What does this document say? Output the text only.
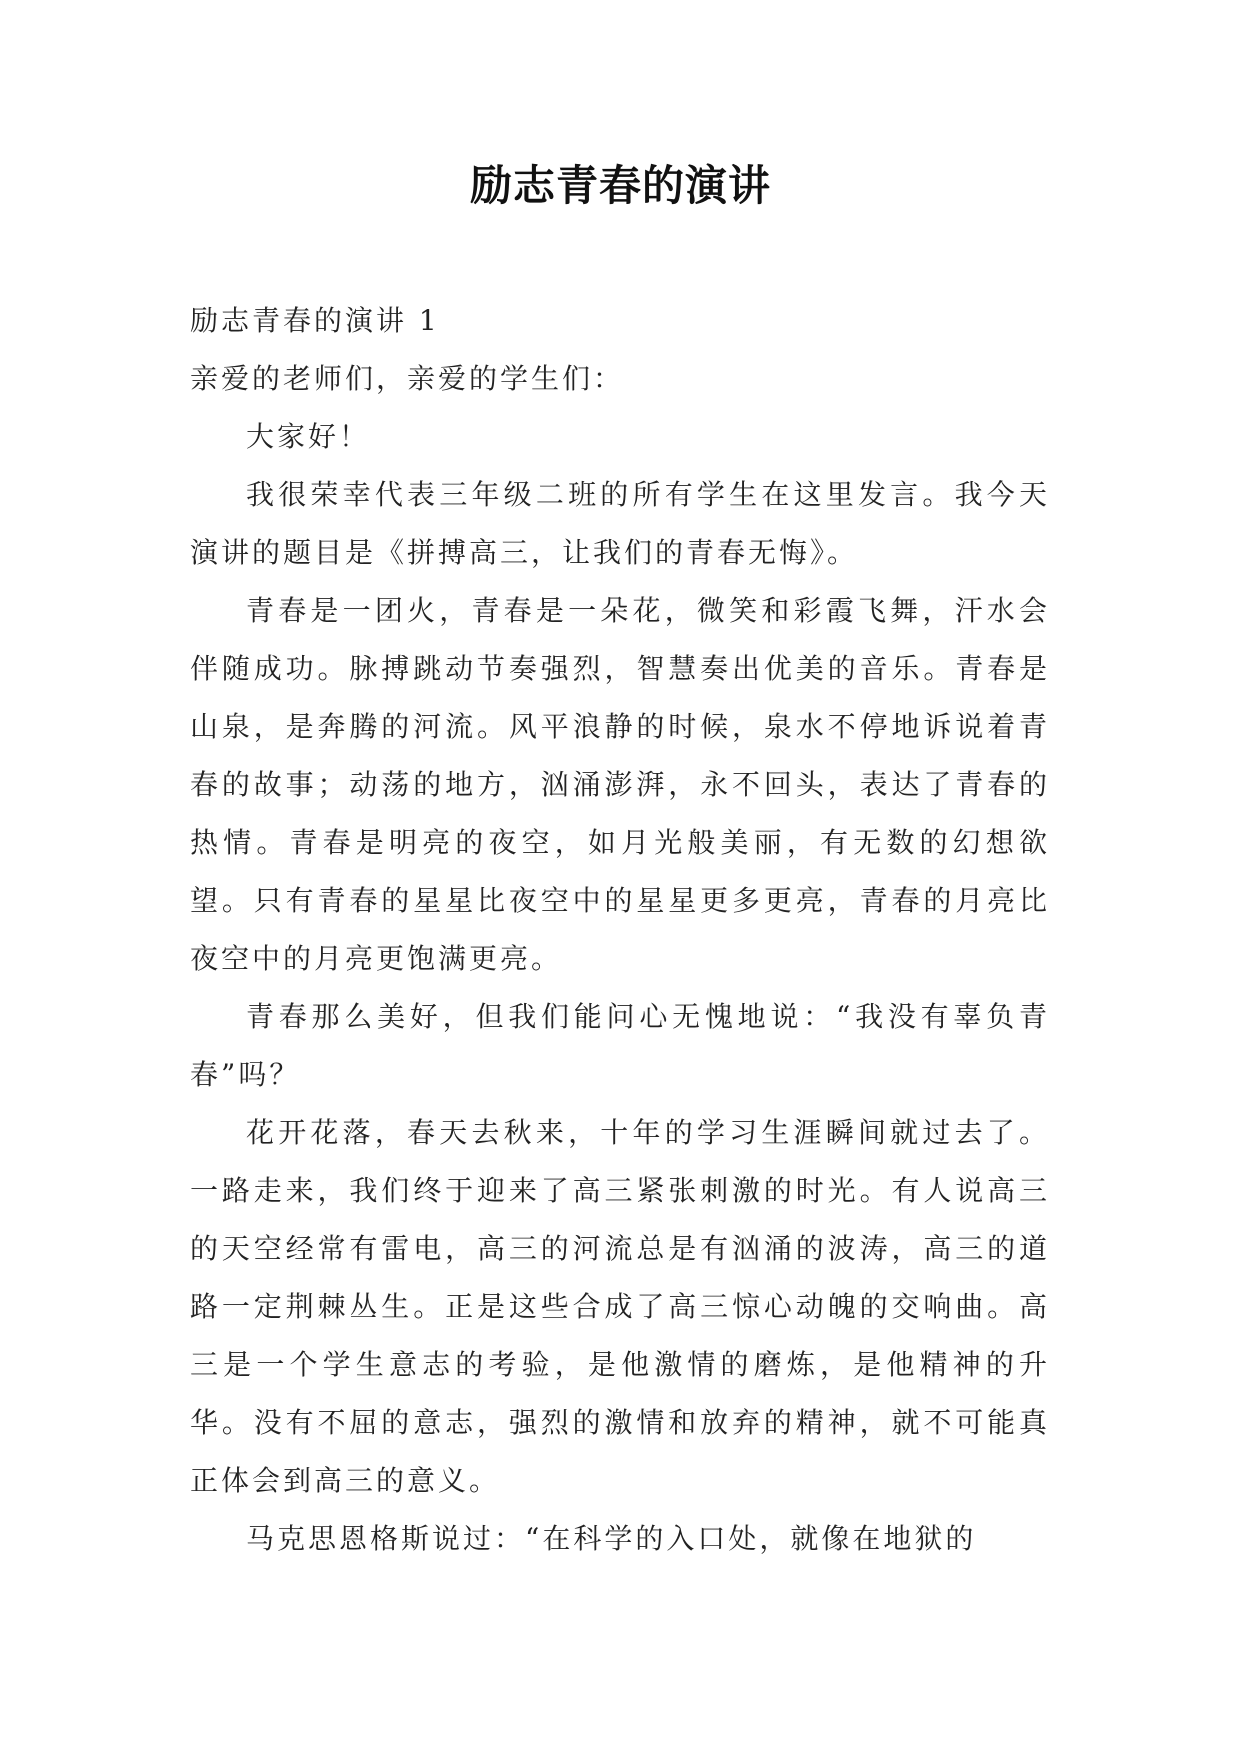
励志青春的演讲

励志青春的演讲 1

亲爱的老师们，亲爱的学生们：

大家好！

我很荣幸代表三年级二班的所有学生在这里发言。我今天演讲的题目是《拼搏高三，让我们的青春无悔》。

青春是一团火，青春是一朵花，微笑和彩霞飞舞，汗水会伴随成功。脉搏跳动节奏强烈，智慧奏出优美的音乐。青春是山泉，是奔腾的河流。风平浪静的时候，泉水不停地诉说着青春的故事；动荡的地方，汹涌澎湃，永不回头，表达了青春的热情。青春是明亮的夜空，如月光般美丽，有无数的幻想欲望。只有青春的星星比夜空中的星星更多更亮，青春的月亮比夜空中的月亮更饱满更亮。

青春那么美好，但我们能问心无愧地说：“我没有辜负青春”吗？

花开花落，春天去秋来，十年的学习生涯瞬间就过去了。一路走来，我们终于迎来了高三紧张刺激的时光。有人说高三的天空经常有雷电，高三的河流总是有汹涌的波涛，高三的道路一定荆棘丛生。正是这些合成了高三惊心动魄的交响曲。高三是一个学生意志的考验，是他激情的磨炼，是他精神的升华。没有不屈的意志，强烈的激情和放弃的精神，就不可能真正体会到高三的意义。

马克思恩格斯说过：“在科学的入口处，就像在地狱的
